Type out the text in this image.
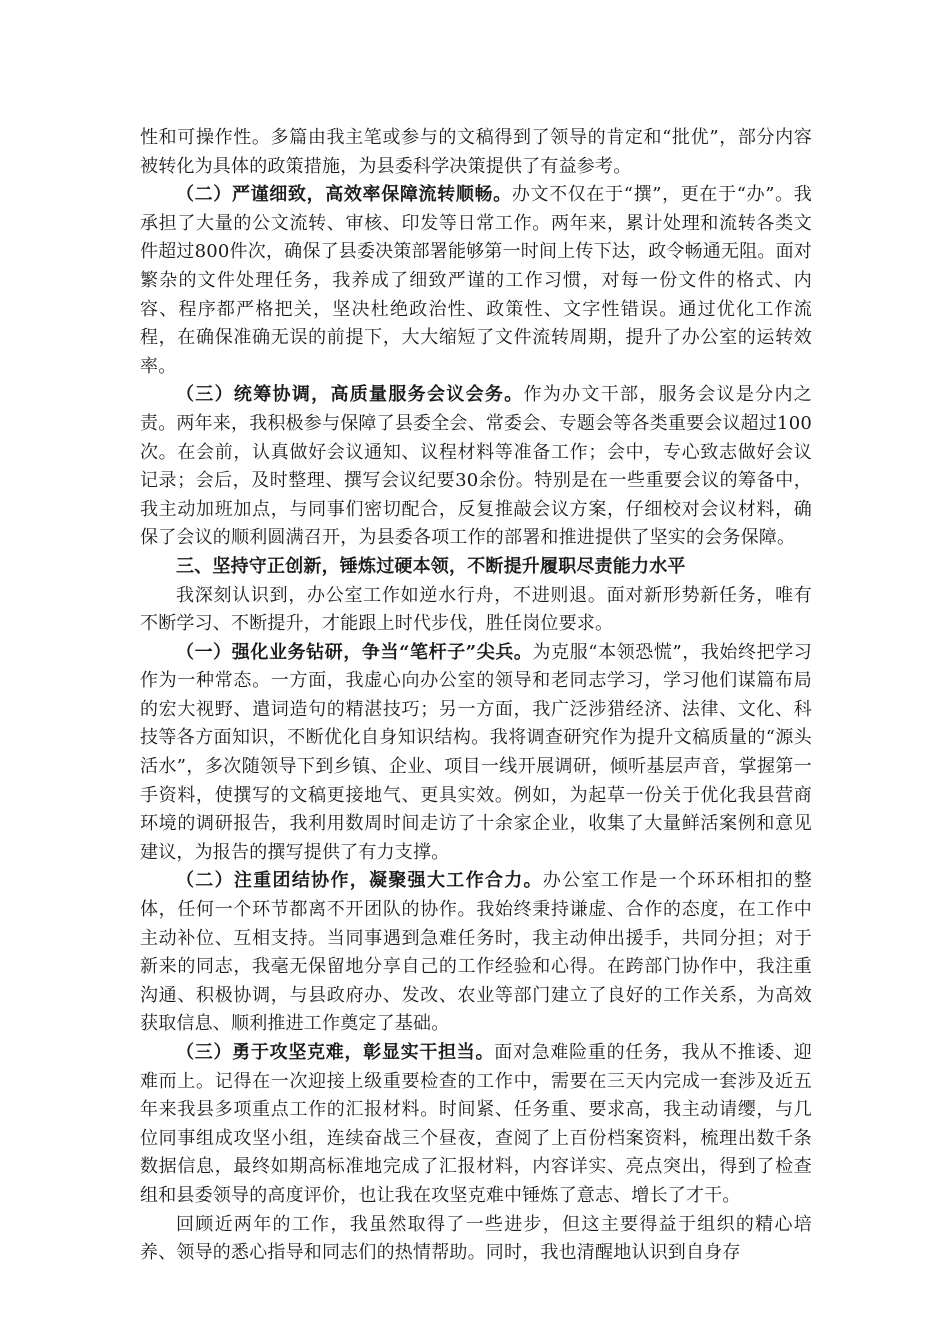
性和可操作性。多篇由我主笔或参与的文稿得到了领导的肯定和“批优”，部分内容被转化为具体的政策措施，为县委科学决策提供了有益参考。

（二）严谨细致，高效率保障流转顺畅。办文不仅在于“撰”，更在于“办”。我承担了大量的公文流转、审核、印发等日常工作。两年来，累计处理和流转各类文件超过800件次，确保了县委决策部署能够第一时间上传下达，政令畅通无阻。面对繁杂的文件处理任务，我养成了细致严谨的工作习惯，对每一份文件的格式、内容、程序都严格把关，坚决杜绝政治性、政策性、文字性错误。通过优化工作流程，在确保准确无误的前提下，大大缩短了文件流转周期，提升了办公室的运转效率。

（三）统筹协调，高质量服务会议会务。作为办文干部，服务会议是分内之责。两年来，我积极参与保障了县委全会、常委会、专题会等各类重要会议超过100次。在会前，认真做好会议通知、议程材料等准备工作；会中，专心致志做好会议记录；会后，及时整理、撰写会议纪要30余份。特别是在一些重要会议的筹备中，我主动加班加点，与同事们密切配合，反复推敲会议方案，仔细校对会议材料，确保了会议的顺利圆满召开，为县委各项工作的部署和推进提供了坚实的会务保障。

三、坚持守正创新，锤炼过硬本领，不断提升履职尽责能力水平

我深刻认识到，办公室工作如逆水行舟，不进则退。面对新形势新任务，唯有不断学习、不断提升，才能跟上时代步伐，胜任岗位要求。

（一）强化业务钻研，争当“笔杆子”尖兵。为克服“本领恐慌”，我始终把学习作为一种常态。一方面，我虚心向办公室的领导和老同志学习，学习他们谋篇布局的宏大视野、遣词造句的精湛技巧；另一方面，我广泛涉猎经济、法律、文化、科技等各方面知识，不断优化自身知识结构。我将调查研究作为提升文稿质量的“源头活水”，多次随领导下到乡镇、企业、项目一线开展调研，倾听基层声音，掌握第一手资料，使撰写的文稿更接地气、更具实效。例如，为起草一份关于优化我县营商环境的调研报告，我利用数周时间走访了十余家企业，收集了大量鲜活案例和意见建议，为报告的撰写提供了有力支撑。

（二）注重团结协作，凝聚强大工作合力。办公室工作是一个环环相扣的整体，任何一个环节都离不开团队的协作。我始终秉持谦虚、合作的态度，在工作中主动补位、互相支持。当同事遇到急难任务时，我主动伸出援手，共同分担；对于新来的同志，我毫无保留地分享自己的工作经验和心得。在跨部门协作中，我注重沟通、积极协调，与县政府办、发改、农业等部门建立了良好的工作关系，为高效获取信息、顺利推进工作奠定了基础。

（三）勇于攻坚克难，彰显实干担当。面对急难险重的任务，我从不推诿、迎难而上。记得在一次迎接上级重要检查的工作中，需要在三天内完成一套涉及近五年来我县多项重点工作的汇报材料。时间紧、任务重、要求高，我主动请缨，与几位同事组成攻坚小组，连续奋战三个昼夜，查阅了上百份档案资料，梳理出数千条数据信息，最终如期高标准地完成了汇报材料，内容详实、亮点突出，得到了检查组和县委领导的高度评价，也让我在攻坚克难中锤炼了意志、增长了才干。

回顾近两年的工作，我虽然取得了一些进步，但这主要得益于组织的精心培养、领导的悉心指导和同志们的热情帮助。同时，我也清醒地认识到自身存
